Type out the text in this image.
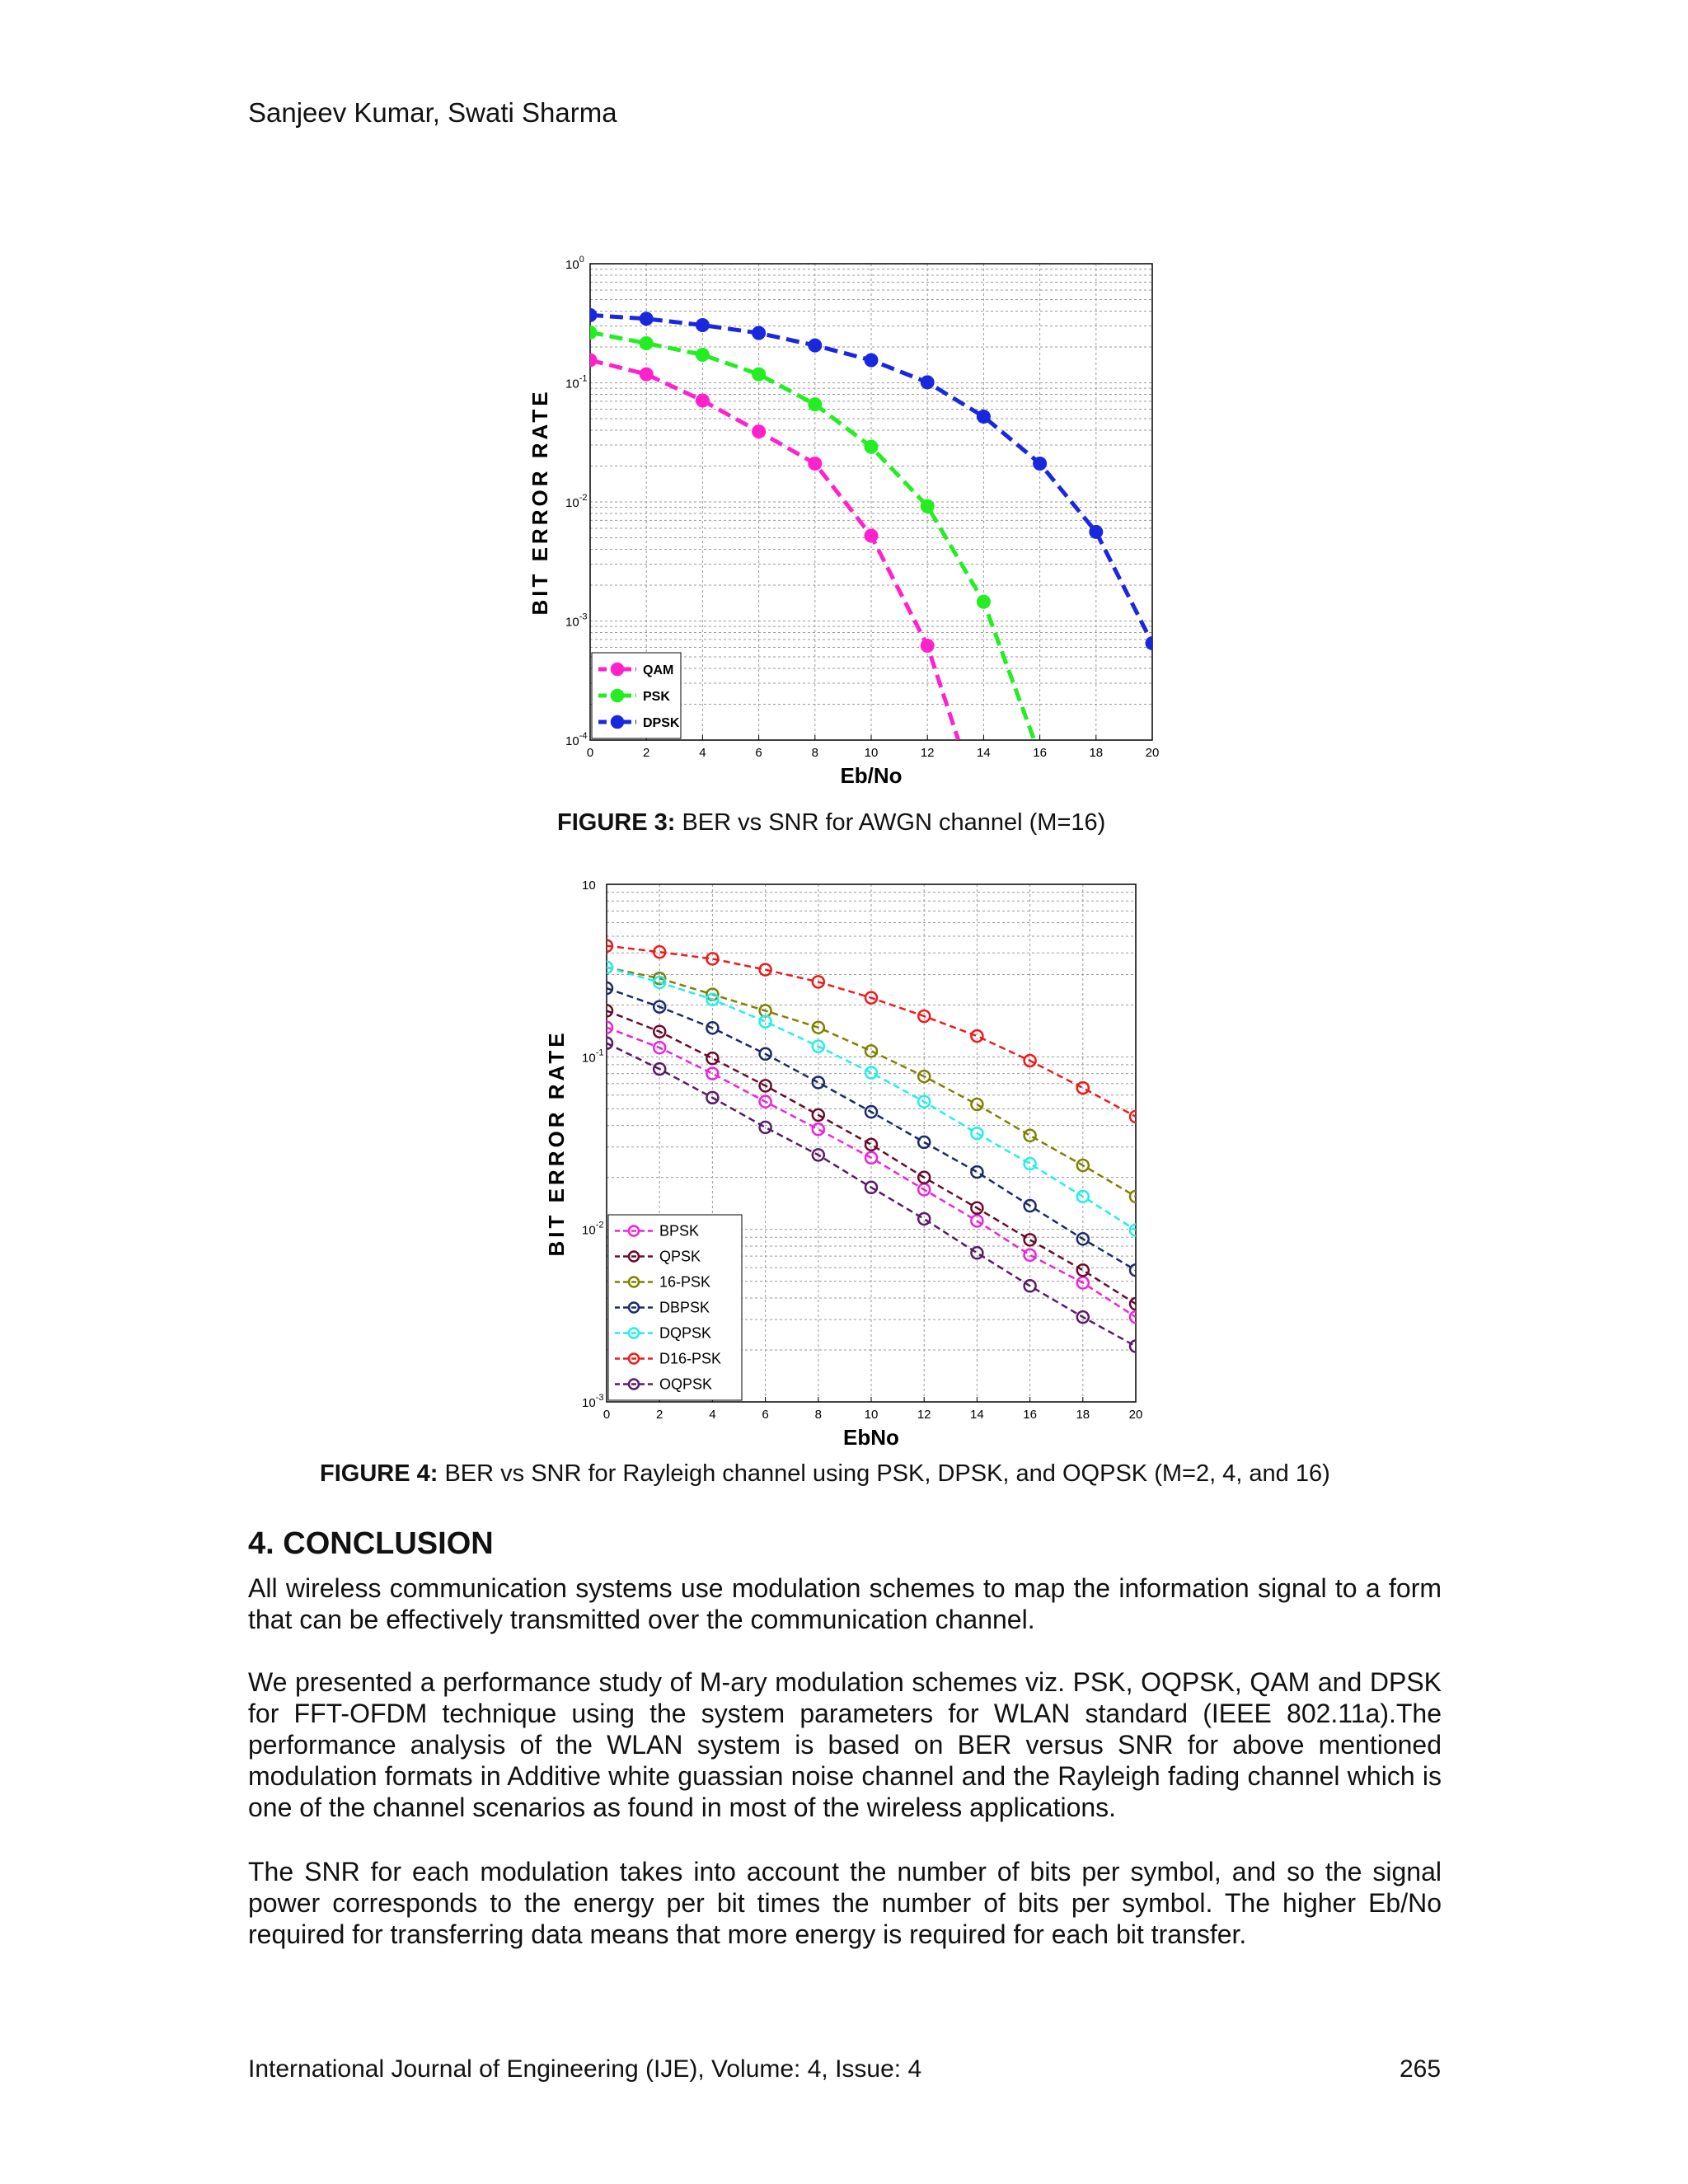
Sanjeev Kumar, Swati Sharma
0	2	4	6	8	10	12	14	16	18	20
$10^0$
$10^{-1}$
$10^{-2}$
$10^{-3}$
$10^{-4}$
Eb/No
BIT ERROR RATE
QAM
PSK
DPSK
FIGURE 3: BER vs SNR for AWGN channel (M=16)
0	2	4	6	8	10	12	14	16	18	20
10
$10^{-1}$
$10^{-2}$
$10^{-3}$
EbNo
BIT ERROR RATE	BPSK
QPSK
16-PSK
DBPSK
DQPSK
D16-PSK
OQPSK
FIGURE 4: BER vs SNR for Rayleigh channel using PSK, DPSK, and OQPSK (M=2, 4, and 16)
4. CONCLUSION

All wireless communication systems use modulation schemes to map the information signal to a form that can be effectively transmitted over the communication channel.

We presented a performance study of M-ary modulation schemes viz. PSK, OQPSK, QAM and DPSK for FFT-OFDM technique using the system parameters for WLAN standard (IEEE 802.11a).The performance analysis of the WLAN system is based on BER versus SNR for above mentioned modulation formats in Additive white guassian noise channel and the Rayleigh fading channel which is one of the channel scenarios as found in most of the wireless applications.

The SNR for each modulation takes into account the number of bits per symbol, and so the signal power corresponds to the energy per bit times the number of bits per symbol. The higher Eb/No required for transferring data means that more energy is required for each bit transfer.

International Journal of Engineering (IJE), Volume: 4, Issue: 4	265
